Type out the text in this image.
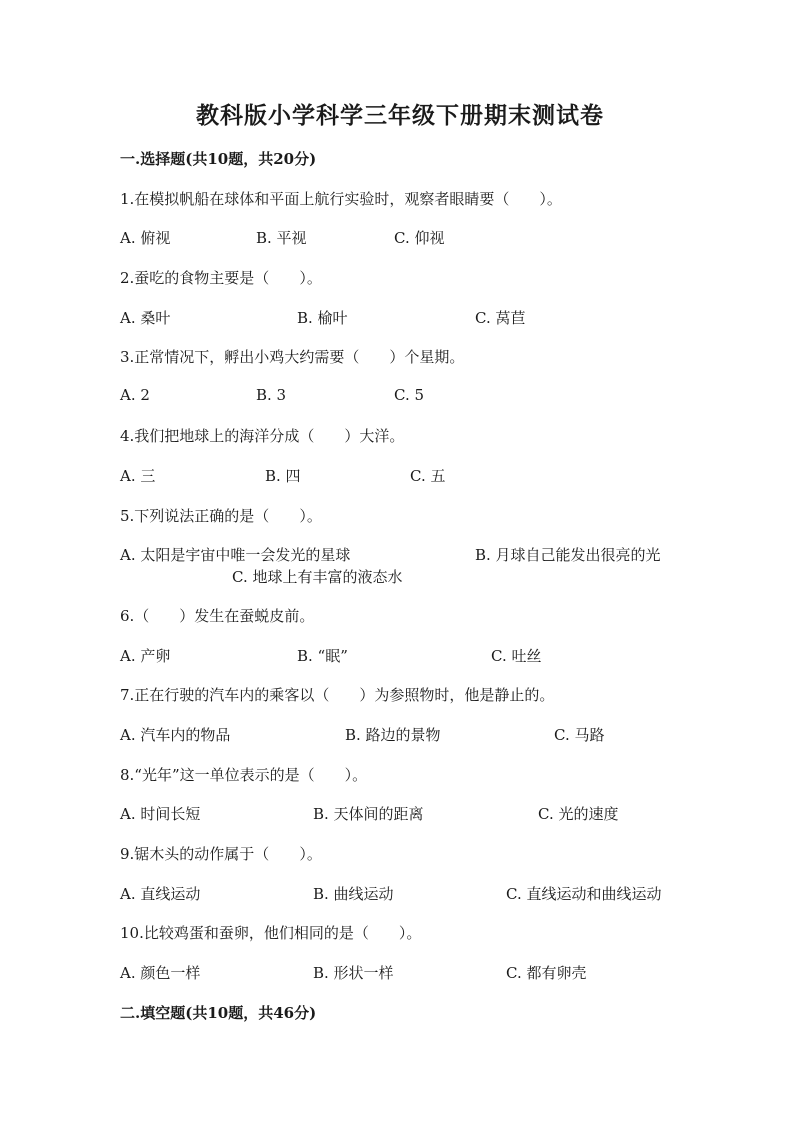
教科版小学科学三年级下册期末测试卷
一.选择题(共10题，共20分)
1.在模拟帆船在球体和平面上航行实验时，观察者眼睛要（　　）。
A. 俯视	B. 平视	C. 仰视
2.蚕吃的食物主要是（　　）。
A. 桑叶	B. 榆叶	C. 莴苣
3.正常情况下，孵出小鸡大约需要（　　）个星期。
A. 2	B. 3	C. 5
4.我们把地球上的海洋分成（　　）大洋。
A. 三	B. 四	C. 五
5.下列说法正确的是（　　）。
A. 太阳是宇宙中唯一会发光的星球	B. 月球自己能发出很亮的光
C. 地球上有丰富的液态水
6.（　　）发生在蚕蜕皮前。
A. 产卵	B. “眠”	C. 吐丝
7.正在行驶的汽车内的乘客以（　　）为参照物时，他是静止的。
A. 汽车内的物品	B. 路边的景物	C. 马路
8.“光年”这一单位表示的是（　　）。
A. 时间长短	B. 天体间的距离	C. 光的速度
9.锯木头的动作属于（　　）。
A. 直线运动	B. 曲线运动	C. 直线运动和曲线运动
10.比较鸡蛋和蚕卵，他们相同的是（　　）。
A. 颜色一样	B. 形状一样	C. 都有卵壳
二.填空题(共10题，共46分)
